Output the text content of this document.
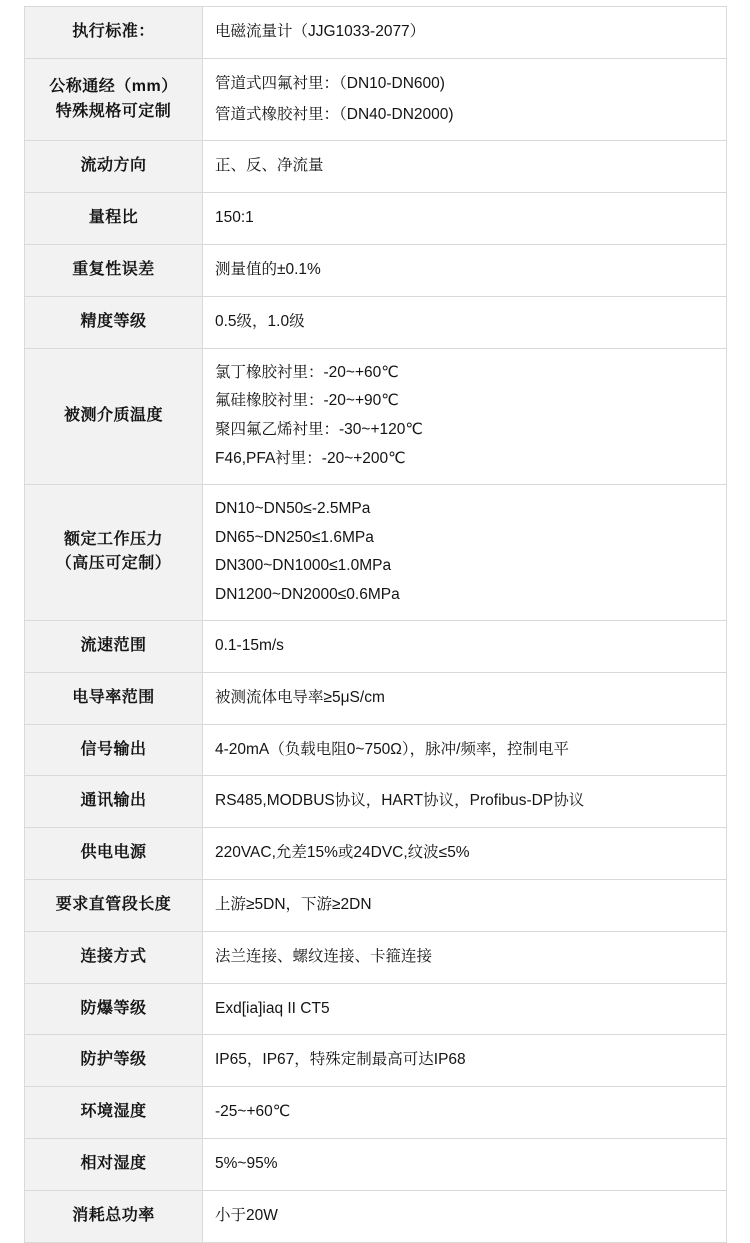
执行标准：	电磁流量计（JJG1033-2077）

公称通经（mm）
特殊规格可定制	管道式四氟衬里：（DN10-DN600)
管道式橡胶衬里：（DN40-DN2000)

流动方向	正、反、净流量

量程比	150:1

重复性误差	测量值的±0.1%

精度等级	0.5级，1.0级

被测介质温度	氯丁橡胶衬里：-20~+60℃
氟硅橡胶衬里：-20~+90℃
聚四氟乙烯衬里：-30~+120℃
F46,PFA衬里：-20~+200℃

额定工作压力
（高压可定制）	DN10~DN50≤-2.5MPa
DN65~DN250≤1.6MPa
DN300~DN1000≤1.0MPa
DN1200~DN2000≤0.6MPa

流速范围	0.1-15m/s

电导率范围	被测流体电导率≥5μS/cm

信号输出	4-20mA（负载电阻0~750Ω），脉冲/频率，控制电平

通讯输出	RS485,MODBUS协议，HART协议，Profibus-DP协议

供电电源	220VAC,允差15%或24DVC,纹波≤5%

要求直管段长度	上游≥5DN，下游≥2DN

连接方式	法兰连接、螺纹连接、卡箍连接

防爆等级	Exd[ia]iaq II CT5

防护等级	IP65，IP67，特殊定制最高可达IP68

环境湿度	-25~+60℃

相对湿度	5%~95%

消耗总功率	小于20W
